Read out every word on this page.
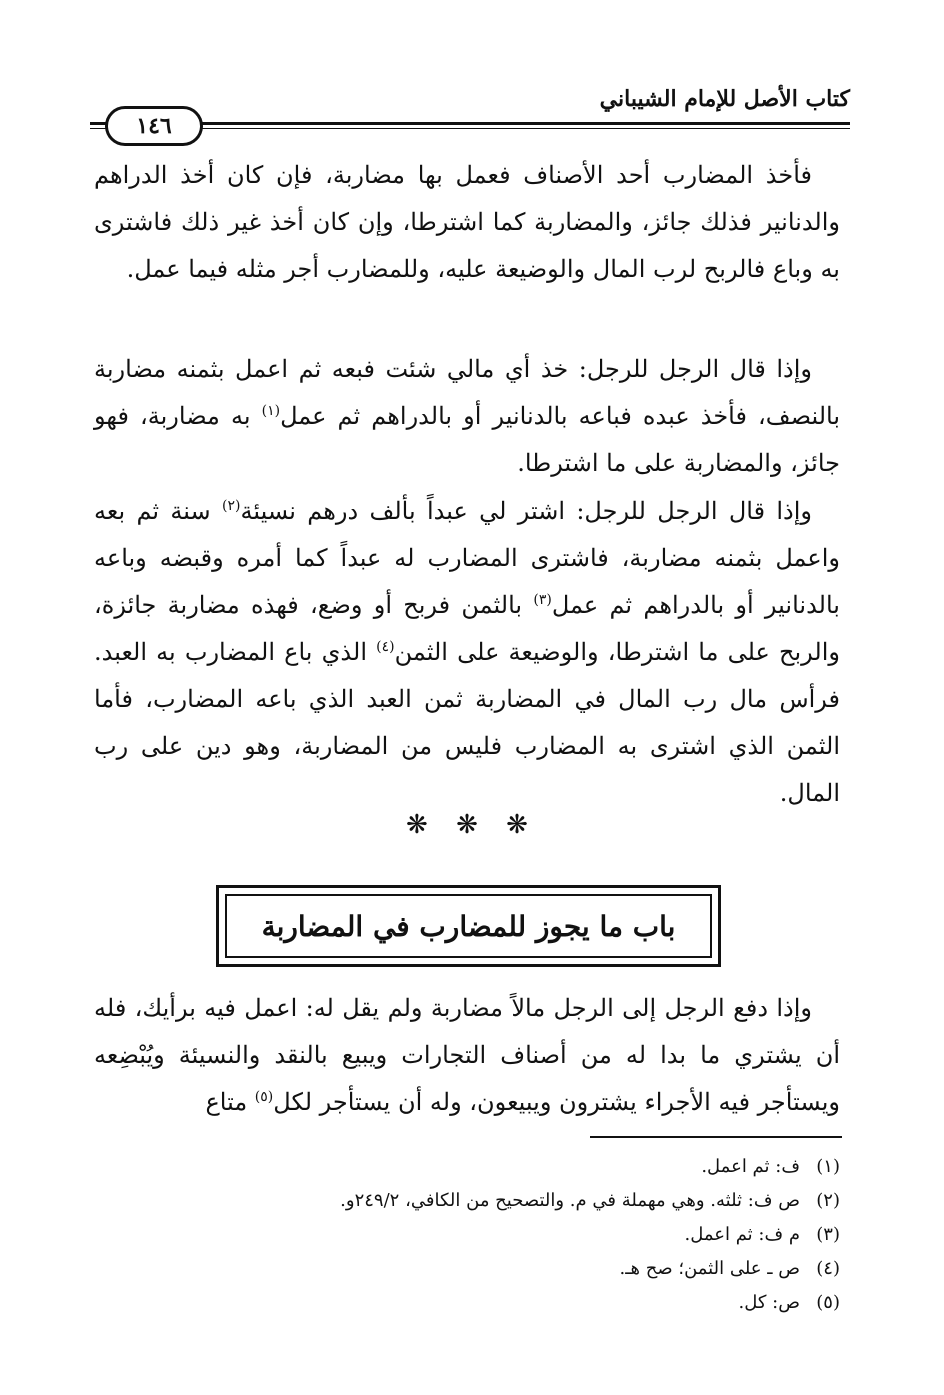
كتاب الأصل للإمام الشيباني
١٤٦

فأخذ المضارب أحد الأصناف فعمل بها مضاربة، فإن كان أخذ الدراهم والدنانير فذلك جائز، والمضاربة كما اشترطا، وإن كان أخذ غير ذلك فاشترى به وباع فالربح لرب المال والوضيعة عليه، وللمضارب أجر مثله فيما عمل.

وإذا قال الرجل للرجل: خذ أي مالي شئت فبعه ثم اعمل بثمنه مضاربة بالنصف، فأخذ عبده فباعه بالدنانير أو بالدراهم ثم عمل$^{(١)}$ به مضاربة، فهو جائز، والمضاربة على ما اشترطا.

وإذا قال الرجل للرجل: اشتر لي عبداً بألف درهم نسيئة$^{(٢)}$ سنة ثم بعه واعمل بثمنه مضاربة، فاشترى المضارب له عبداً كما أمره وقبضه وباعه بالدنانير أو بالدراهم ثم عمل$^{(٣)}$ بالثمن فربح أو وضع، فهذه مضاربة جائزة، والربح على ما اشترطا، والوضيعة على الثمن$^{(٤)}$ الذي باع المضارب به العبد. فرأس مال رب المال في المضاربة ثمن العبد الذي باعه المضارب، فأما الثمن الذي اشترى به المضارب فليس من المضاربة، وهو دين على رب المال.

❋ ❋ ❋
باب ما يجوز للمضارب في المضاربة

وإذا دفع الرجل إلى الرجل مالاً مضاربة ولم يقل له: اعمل فيه برأيك، فله أن يشتري ما بدا له من أصناف التجارات ويبيع بالنقد والنسيئة ويُبْضِعه ويستأجر فيه الأجراء يشترون ويبيعون، وله أن يستأجر لكل$^{(٥)}$ متاع

(١)
ف: ثم اعمل.
(٢)
ص ف: ثلثه. وهي مهملة في م. والتصحيح من الكافي، ٢٤٩/٢و.
(٣)
م ف: ثم اعمل.
(٤)
ص ـ على الثمن؛ صح هـ.
(٥)
ص: كل.
